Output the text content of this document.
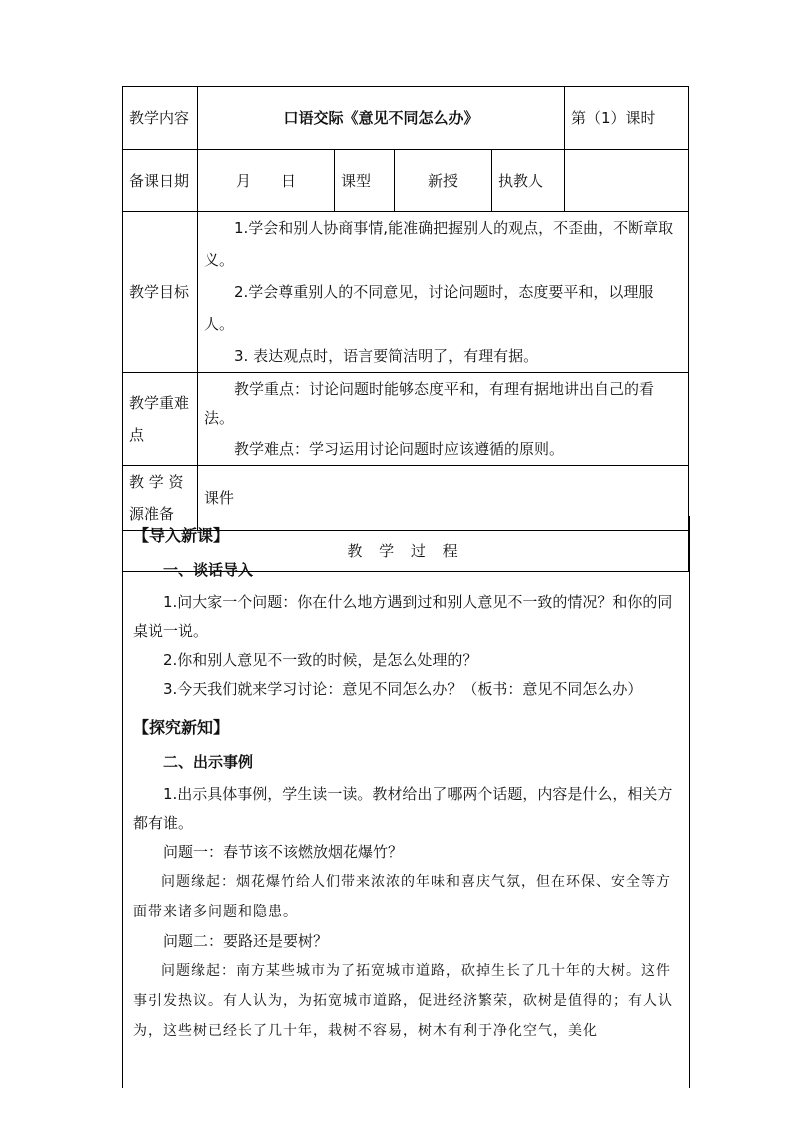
教学内容	口语交际《意见不同怎么办》				第（1）课时
备课日期	月　　日	课型	新授	执教人	
教学目标	1.学会和别人协商事情,能准确把握别人的观点，不歪曲，不断章取义。

2.学会尊重别人的不同意见，讨论问题时，态度要平和，以理服人。

3. 表达观点时，语言要简洁明了，有理有据。				

教学重难点	教学重点：讨论问题时能够态度平和，有理有据地讲出自己的看法。

教学难点：学习运用讨论问题时应该遵循的原则。				

教 学 资 源准备	课件				
教 学 过 程					
【导入新课】
一、谈话导入

1.问大家一个问题：你在什么地方遇到过和别人意见不一致的情况？和你的同桌说一说。

2.你和别人意见不一致的时候，是怎么处理的？

3.今天我们就来学习讨论：意见不同怎么办？（板书：意见不同怎么办）

【探究新知】
二、出示事例

1.出示具体事例，学生读一读。教材给出了哪两个话题，内容是什么，相关方都有谁。

问题一：春节该不该燃放烟花爆竹？

问题缘起：烟花爆竹给人们带来浓浓的年味和喜庆气氛，但在环保、安全等方面带来诸多问题和隐患。

问题二：要路还是要树？

问题缘起：南方某些城市为了拓宽城市道路，砍掉生长了几十年的大树。这件事引发热议。有人认为，为拓宽城市道路，促进经济繁荣，砍树是值得的；有人认为，这些树已经长了几十年，栽树不容易，树木有利于净化空气，美化
